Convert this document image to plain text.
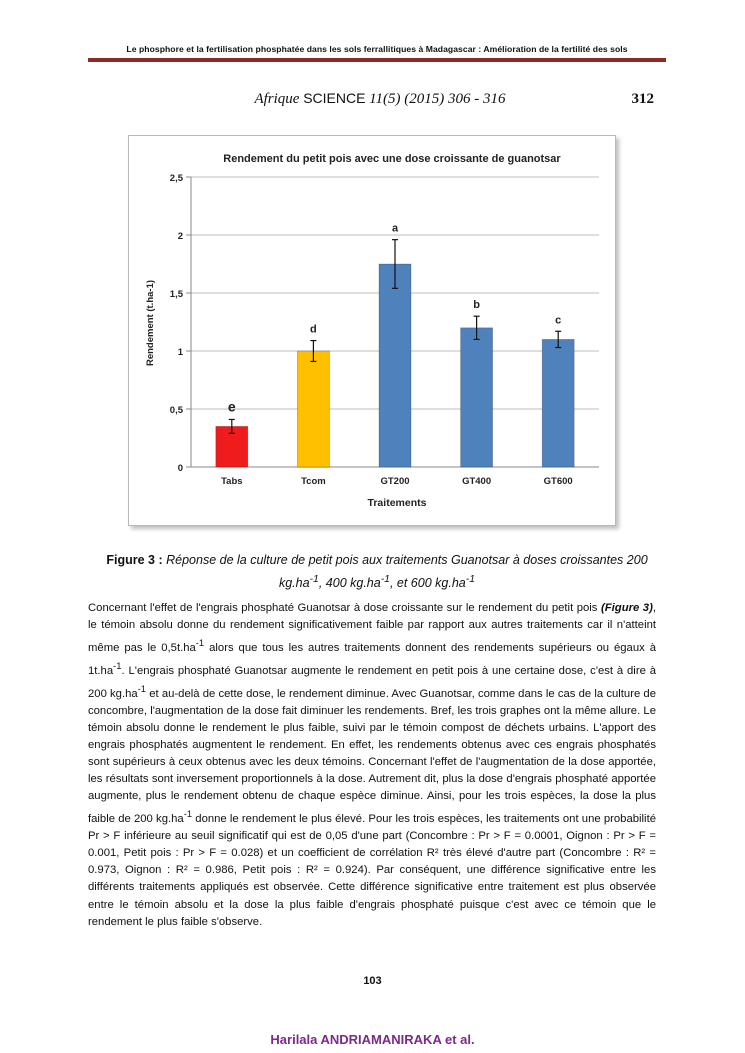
Le phosphore et la fertilisation phosphatée dans les sols ferrallitiques à Madagascar : Amélioration de la fertilité des sols
Afrique SCIENCE 11(5) (2015) 306 - 316	312
Rendement du petit pois avec une dose croissante de guanotsar
0
0,5
1
1,5
2
2,5
e
d
a
b
c
Tabs	Tcom	GT200	GT400	GT600
Traitements
Rendement (t.ha-1)
Figure 3 : Réponse de la culture de petit pois aux traitements Guanotsar à doses croissantes 200 $kg.ha^{-1}$, 400 $kg.ha^{-1}$, et 600 $kg.ha^{-1}$
Concernant l'effet de l'engrais phosphaté Guanotsar à dose croissante sur le rendement du petit pois (Figure 3), le témoin absolu donne du rendement significativement faible par rapport aux autres traitements car il n'atteint même pas le $0,5t.ha^{-1}$ alors que tous les autres traitements donnent des rendements supérieurs ou égaux à $1t.ha^{-1}$. L'engrais phosphaté Guanotsar augmente le rendement en petit pois à une certaine dose, c'est à dire à 200 $kg.ha^{-1}$ et au-delà de cette dose, le rendement diminue. Avec Guanotsar, comme dans le cas de la culture de concombre, l'augmentation de la dose fait diminuer les rendements. Bref, les trois graphes ont la même allure. Le témoin absolu donne le rendement le plus faible, suivi par le témoin compost de déchets urbains. L'apport des engrais phosphatés augmentent le rendement. En effet, les rendements obtenus avec ces engrais phosphatés sont supérieurs à ceux obtenus avec les deux témoins. Concernant l'effet de l'augmentation de la dose apportée, les résultats sont inversement proportionnels à la dose. Autrement dit, plus la dose d'engrais phosphaté apportée augmente, plus le rendement obtenu de chaque espèce diminue. Ainsi, pour les trois espèces, la dose la plus faible de 200 $kg.ha^{-1}$ donne le rendement le plus élevé. Pour les trois espèces, les traitements ont une probabilité Pr > F inférieure au seuil significatif qui est de 0,05 d'une part (Concombre : Pr > F = 0.0001, Oignon : Pr > F = 0.001, Petit pois : Pr > F = 0.028) et un coefficient de corrélation R² très élevé d'autre part (Concombre : R² = 0.973, Oignon : R² = 0.986, Petit pois : R² = 0.924). Par conséquent, une différence significative entre les différents traitements appliqués est observée. Cette différence significative entre traitement est plus observée entre le témoin absolu et la dose la plus faible d'engrais phosphaté puisque c'est avec ce témoin que le rendement le plus faible s'observe.
103
Harilala ANDRIAMANIRAKA et al.
